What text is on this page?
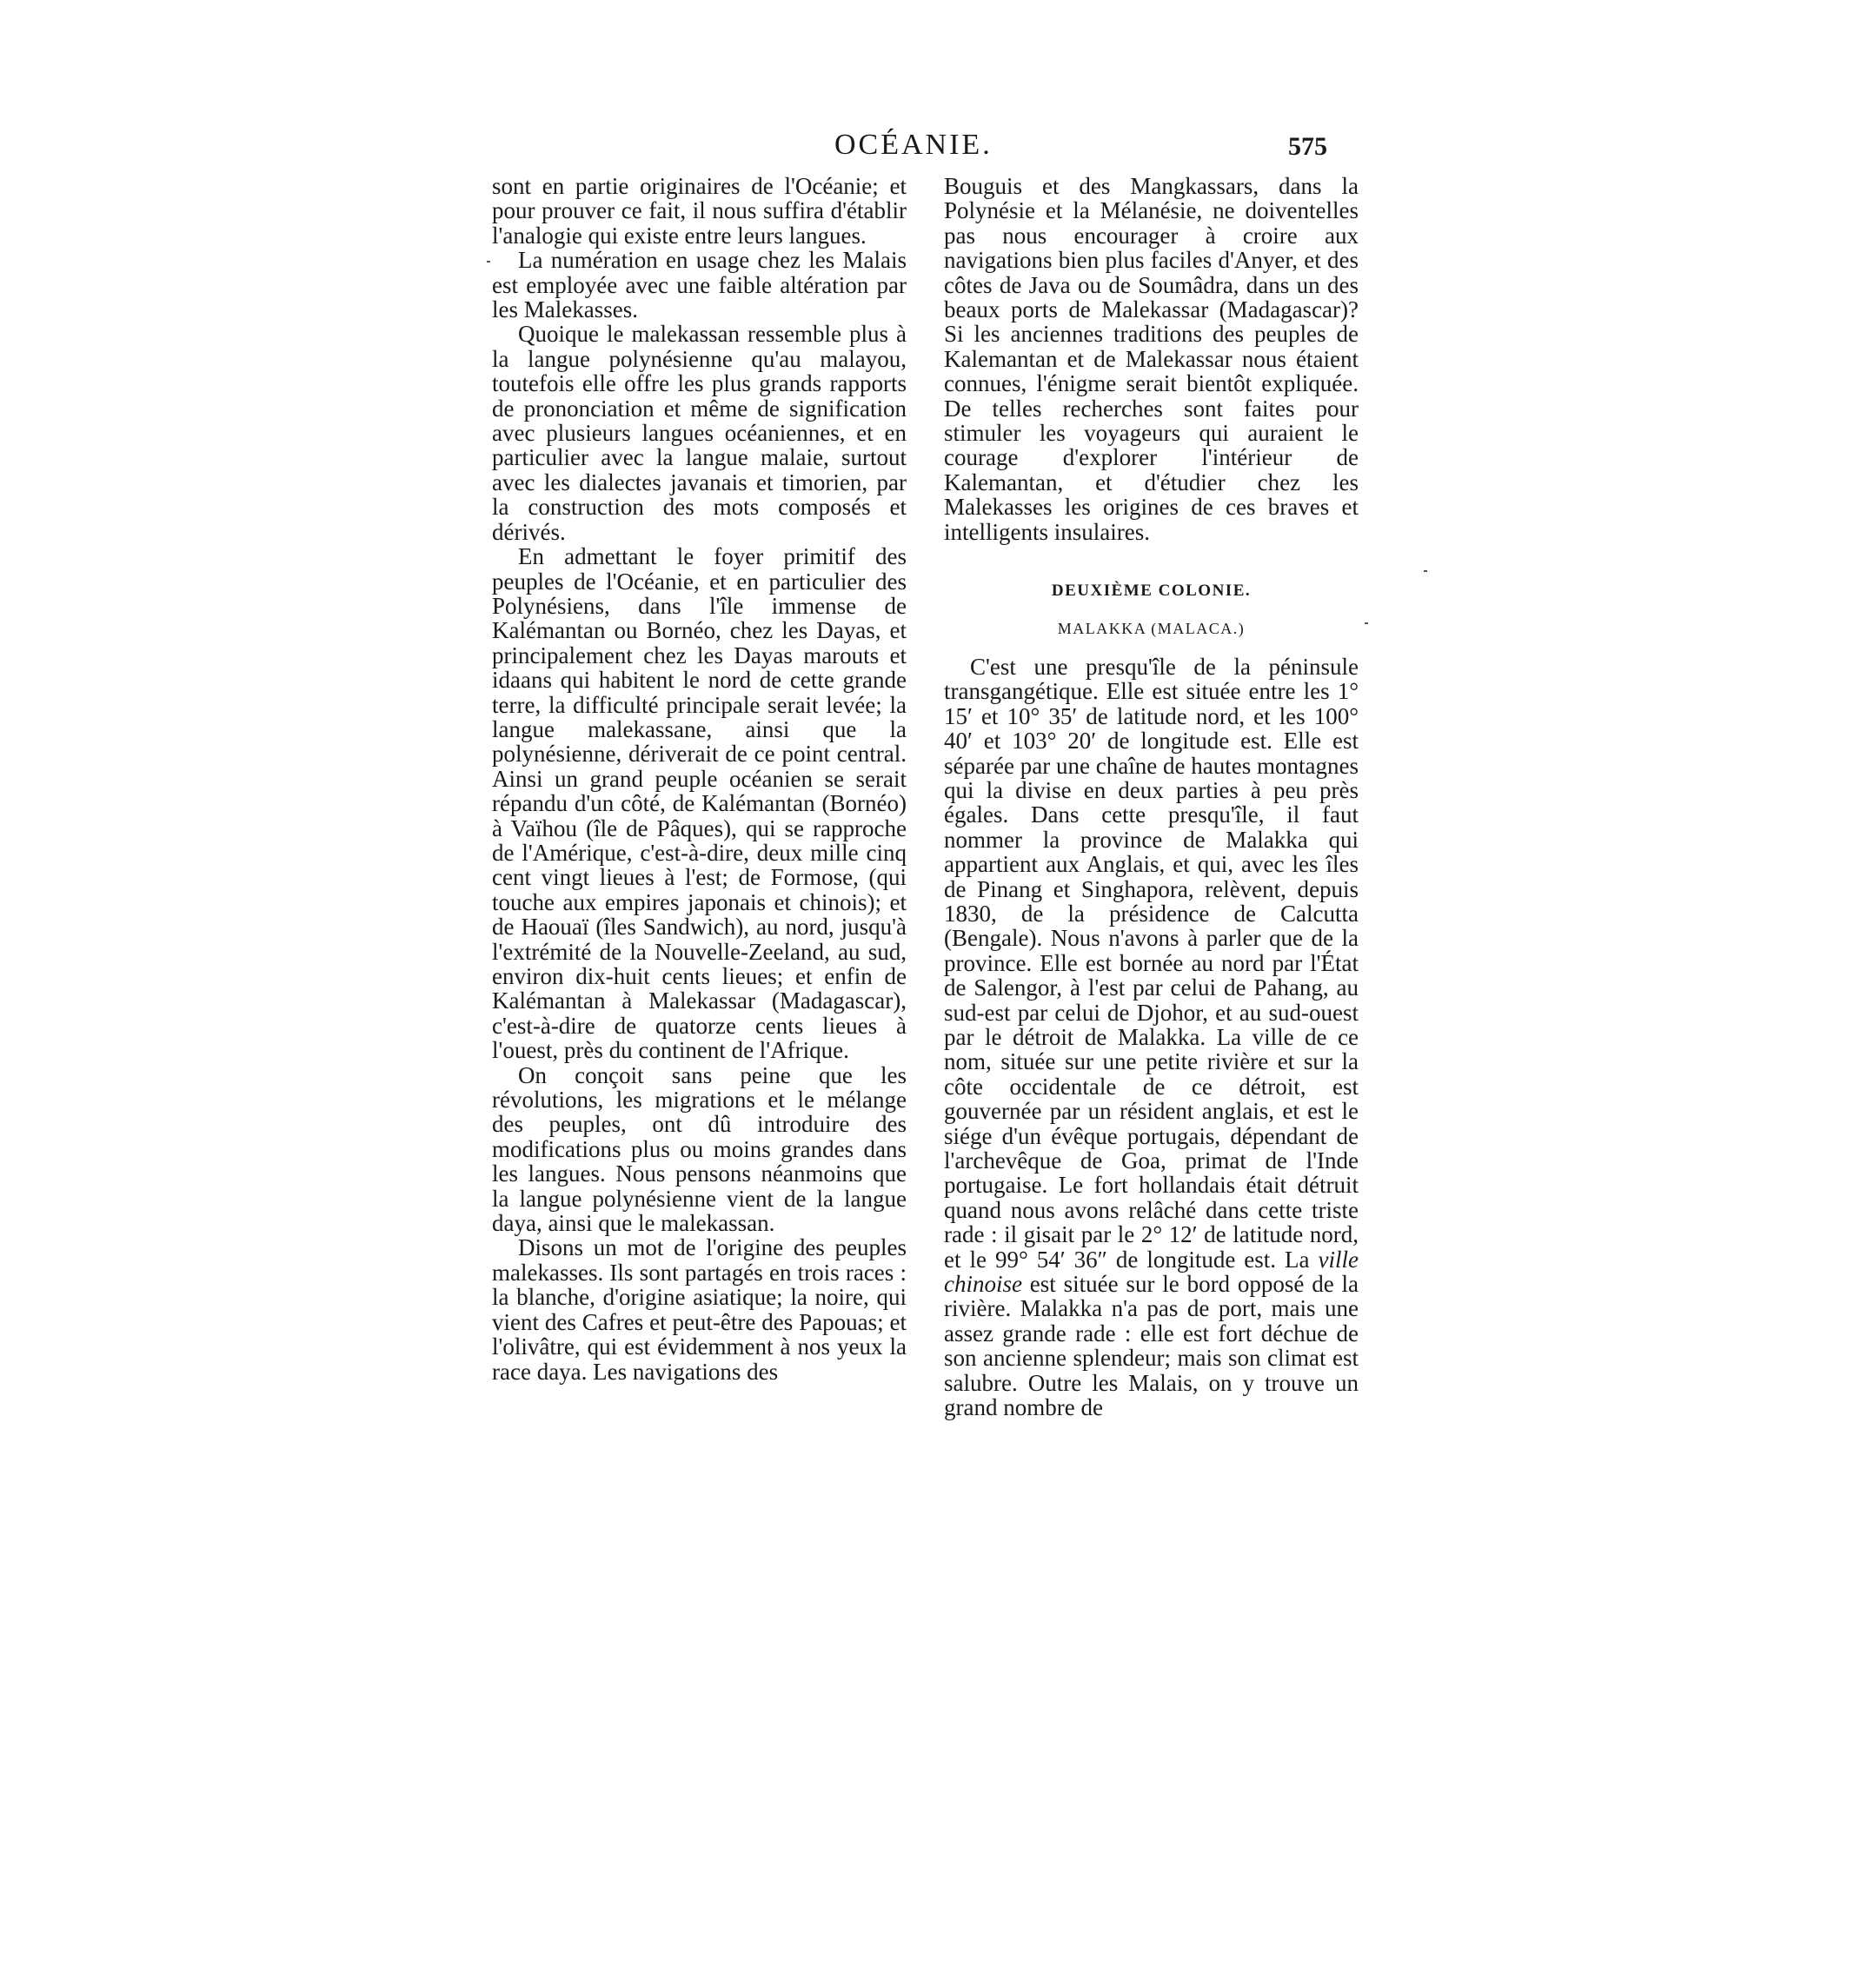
OCÉANIE.	575

sont en partie originaires de l'Océanie; et pour prouver ce fait, il nous suffira d'établir l'analogie qui existe entre leurs langues.

La numération en usage chez les Malais est employée avec une faible altération par les Malekasses.

Quoique le malekassan ressemble plus à la langue polynésienne qu'au malayou, toutefois elle offre les plus grands rapports de prononciation et même de signification avec plusieurs langues océaniennes, et en particulier avec la langue malaie, surtout avec les dialectes javanais et timorien, par la construction des mots composés et dérivés.

En admettant le foyer primitif des peuples de l'Océanie, et en particulier des Polynésiens, dans l'île immense de Kalémantan ou Bornéo, chez les Dayas, et principalement chez les Dayas marouts et idaans qui habitent le nord de cette grande terre, la difficulté principale serait levée; la langue malekassane, ainsi que la polynésienne, dériverait de ce point central. Ainsi un grand peuple océanien se serait répandu d'un côté, de Kalémantan (Bornéo) à Vaïhou (île de Pâques), qui se rapproche de l'Amérique, c'est-à-dire, deux mille cinq cent vingt lieues à l'est; de Formose, (qui touche aux empires japonais et chinois); et de Haouaï (îles Sandwich), au nord, jusqu'à l'extrémité de la Nouvelle-Zeeland, au sud, environ dix-huit cents lieues; et enfin de Kalémantan à Malekassar (Madagascar), c'est-à-dire de quatorze cents lieues à l'ouest, près du continent de l'Afrique.

On conçoit sans peine que les révolutions, les migrations et le mélange des peuples, ont dû introduire des modifications plus ou moins grandes dans les langues. Nous pensons néanmoins que la langue polynésienne vient de la langue daya, ainsi que le malekassan.

Disons un mot de l'origine des peuples malekasses. Ils sont partagés en trois races : la blanche, d'origine asiatique; la noire, qui vient des Cafres et peut-être des Papouas; et l'olivâtre, qui est évidemment à nos yeux la race daya. Les navigations des

Bouguis et des Mangkassars, dans la Polynésie et la Mélanésie, ne doiventelles pas nous encourager à croire aux navigations bien plus faciles d'Anyer, et des côtes de Java ou de Soumâdra, dans un des beaux ports de Malekassar (Madagascar)? Si les anciennes traditions des peuples de Kalemantan et de Malekassar nous étaient connues, l'énigme serait bientôt expliquée. De telles recherches sont faites pour stimuler les voyageurs qui auraient le courage d'explorer l'intérieur de Kalemantan, et d'étudier chez les Malekasses les origines de ces braves et intelligents insulaires.

DEUXIÈME COLONIE.
MALAKKA (MALACA.)

C'est une presqu'île de la péninsule transgangétique. Elle est située entre les 1° 15′ et 10° 35′ de latitude nord, et les 100° 40′ et 103° 20′ de longitude est. Elle est séparée par une chaîne de hautes montagnes qui la divise en deux parties à peu près égales. Dans cette presqu'île, il faut nommer la province de Malakka qui appartient aux Anglais, et qui, avec les îles de Pinang et Singhapora, relèvent, depuis 1830, de la présidence de Calcutta (Bengale). Nous n'avons à parler que de la province. Elle est bornée au nord par l'État de Salengor, à l'est par celui de Pahang, au sud-est par celui de Djohor, et au sud-ouest par le détroit de Malakka. La ville de ce nom, située sur une petite rivière et sur la côte occidentale de ce détroit, est gouvernée par un résident anglais, et est le siége d'un évêque portugais, dépendant de l'archevêque de Goa, primat de l'Inde portugaise. Le fort hollandais était détruit quand nous avons relâché dans cette triste rade : il gisait par le 2° 12′ de latitude nord, et le 99° 54′ 36″ de longitude est. La ville chinoise est située sur le bord opposé de la rivière. Malakka n'a pas de port, mais une assez grande rade : elle est fort déchue de son ancienne splendeur; mais son climat est salubre. Outre les Malais, on y trouve un grand nombre de
